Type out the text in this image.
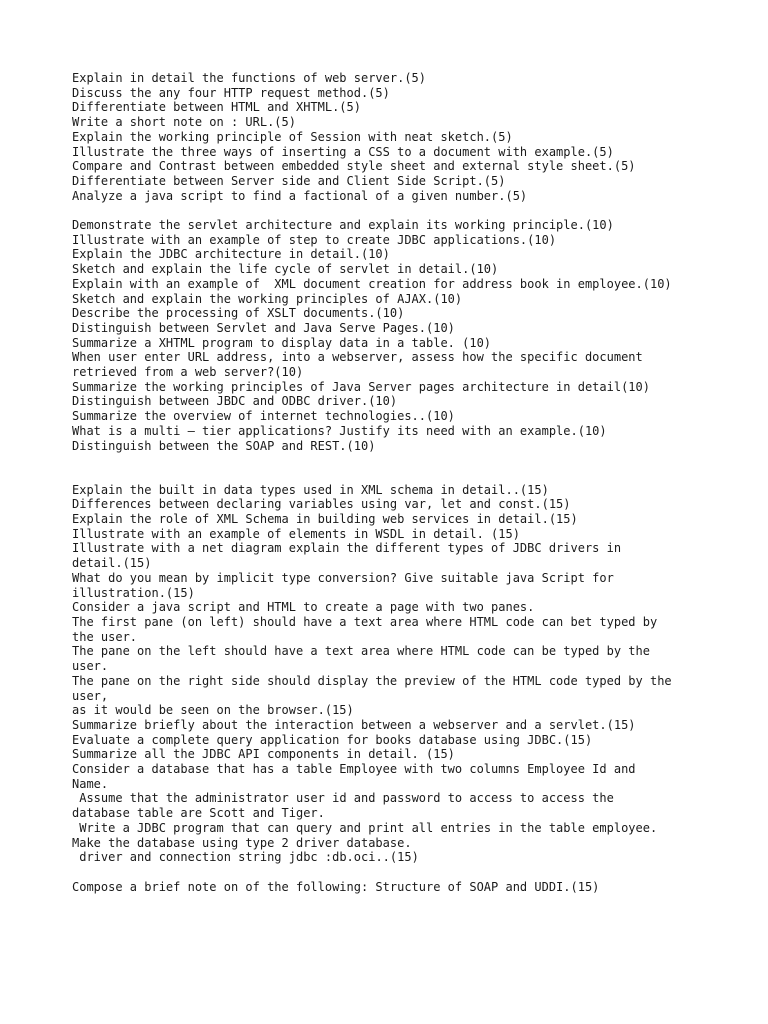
Explain in detail the functions of web server.(5)
Discuss the any four HTTP request method.(5)
Differentiate between HTML and XHTML.(5)
Write a short note on : URL.(5)
Explain the working principle of Session with neat sketch.(5)
Illustrate the three ways of inserting a CSS to a document with example.(5)
Compare and Contrast between embedded style sheet and external style sheet.(5)
Differentiate between Server side and Client Side Script.(5)
Analyze a java script to find a factional of a given number.(5)
Demonstrate the servlet architecture and explain its working principle.(10)
Illustrate with an example of step to create JDBC applications.(10)
Explain the JDBC architecture in detail.(10)
Sketch and explain the life cycle of servlet in detail.(10)
Explain with an example of  XML document creation for address book in employee.(10)
Sketch and explain the working principles of AJAX.(10)
Describe the processing of XSLT documents.(10)
Distinguish between Servlet and Java Serve Pages.(10)
Summarize a XHTML program to display data in a table. (10)
When user enter URL address, into a webserver, assess how the specific document
retrieved from a web server?(10)
Summarize the working principles of Java Server pages architecture in detail(10)
Distinguish between JBDC and ODBC driver.(10)
Summarize the overview of internet technologies..(10)
What is a multi – tier applications? Justify its need with an example.(10)
Distinguish between the SOAP and REST.(10)
Explain the built in data types used in XML schema in detail..(15)
Differences between declaring variables using var, let and const.(15)
Explain the role of XML Schema in building web services in detail.(15)
Illustrate with an example of elements in WSDL in detail. (15)
Illustrate with a net diagram explain the different types of JDBC drivers in
detail.(15)
What do you mean by implicit type conversion? Give suitable java Script for
illustration.(15)
Consider a java script and HTML to create a page with two panes.
The first pane (on left) should have a text area where HTML code can bet typed by
the user.
The pane on the left should have a text area where HTML code can be typed by the
user.
The pane on the right side should display the preview of the HTML code typed by the
user,
as it would be seen on the browser.(15)
Summarize briefly about the interaction between a webserver and a servlet.(15)
Evaluate a complete query application for books database using JDBC.(15)
Summarize all the JDBC API components in detail. (15)
Consider a database that has a table Employee with two columns Employee Id and
Name.
Assume that the administrator user id and password to access to access the
database table are Scott and Tiger.
Write a JDBC program that can query and print all entries in the table employee.
Make the database using type 2 driver database.
driver and connection string jdbc :db.oci..(15)
Compose a brief note on of the following: Structure of SOAP and UDDI.(15)
